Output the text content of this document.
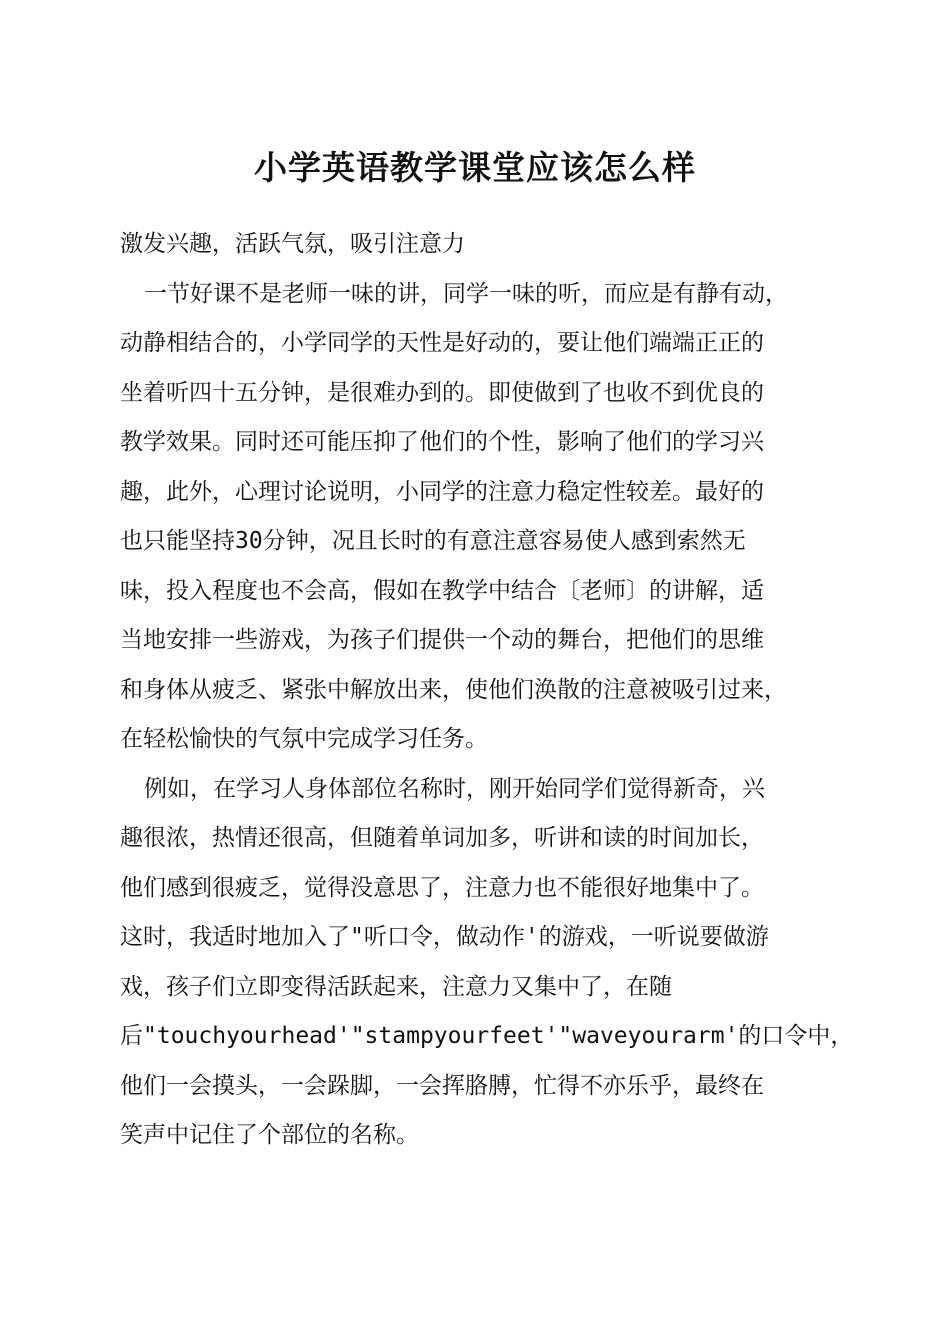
小学英语教学课堂应该怎么样
激发兴趣，活跃气氛，吸引注意力
一节好课不是老师一味的讲，同学一味的听，而应是有静有动，
动静相结合的，小学同学的天性是好动的，要让他们端端正正的
坐着听四十五分钟，是很难办到的。即使做到了也收不到优良的
教学效果。同时还可能压抑了他们的个性，影响了他们的学习兴
趣，此外，心理讨论说明，小同学的注意力稳定性较差。最好的
也只能坚持30分钟，况且长时的有意注意容易使人感到索然无
味，投入程度也不会高，假如在教学中结合〔老师〕的讲解，适
当地安排一些游戏，为孩子们提供一个动的舞台，把他们的思维
和身体从疲乏、紧张中解放出来，使他们涣散的注意被吸引过来，
在轻松愉快的气氛中完成学习任务。
例如，在学习人身体部位名称时，刚开始同学们觉得新奇，兴
趣很浓，热情还很高，但随着单词加多，听讲和读的时间加长，
他们感到很疲乏，觉得没意思了，注意力也不能很好地集中了。
这时，我适时地加入了"听口令，做动作'的游戏，一听说要做游
戏，孩子们立即变得活跃起来，注意力又集中了，在随
后"touchyourhead'"stampyourfeet'"waveyourarm'的口令中，
他们一会摸头，一会跺脚，一会挥胳膊，忙得不亦乐乎，最终在
笑声中记住了个部位的名称。
